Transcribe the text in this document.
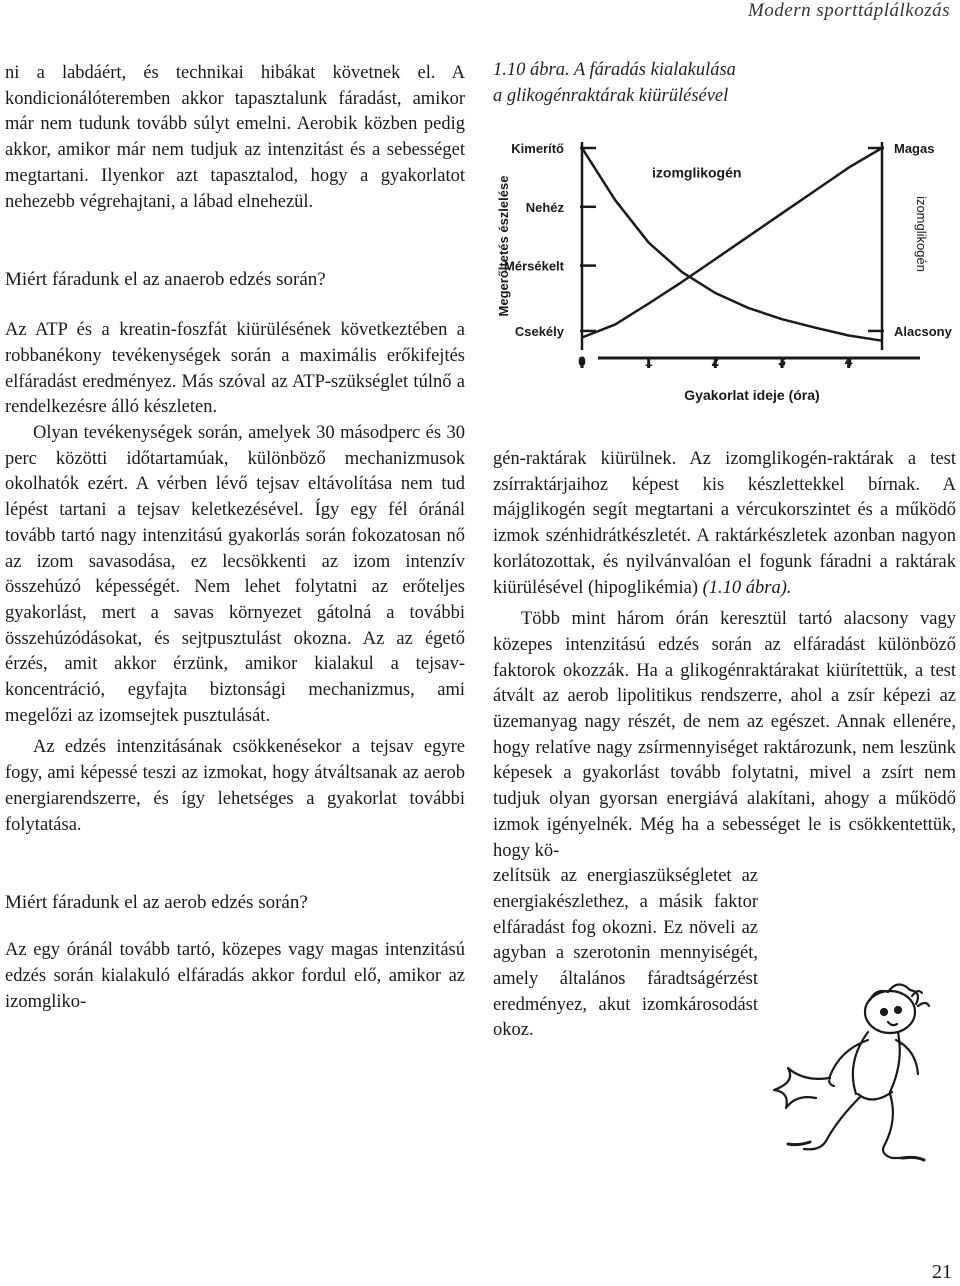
Modern sporttáplálkozás

ni a labdáért, és technikai hibákat követnek el. A kondicionálóteremben akkor tapasztalunk fáradást, amikor már nem tudunk tovább súlyt emelni. Aerobik közben pedig akkor, amikor már nem tudjuk az intenzitást és a sebességet megtartani. Ilyenkor azt tapasztalod, hogy a gyakorlatot nehezebb végrehajtani, a lábad elnehezül.

Miért fáradunk el az anaerob edzés során?

Az ATP és a kreatin-foszfát kiürülésének következtében a robbanékony tevékenységek során a maximális erőkifejtés elfáradást eredményez. Más szóval az ATP-szükséglet túlnő a rendelkezésre álló készleten.

Olyan tevékenységek során, amelyek 30 másodperc és 30 perc közötti időtartamúak, különböző mechanizmusok okolhatók ezért. A vérben lévő tejsav eltávolítása nem tud lépést tartani a tejsav keletkezésével. Így egy fél óránál tovább tartó nagy intenzitású gyakorlás során fokozatosan nő az izom savasodása, ez lecsökkenti az izom intenzív összehúzó képességét. Nem lehet folytatni az erőteljes gyakorlást, mert a savas környezet gátolná a további összehúzódásokat, és sejtpusztulást okozna. Az az égető érzés, amit akkor érzünk, amikor kialakul a tejsav-koncentráció, egyfajta biztonsági mechanizmus, ami megelőzi az izomsejtek pusztulását.

Az edzés intenzitásának csökkenésekor a tejsav egyre fogy, ami képessé teszi az izmokat, hogy átváltsanak az aerob energiarendszerre, és így lehetséges a gyakorlat további folytatása.

Miért fáradunk el az aerob edzés során?

Az egy óránál tovább tartó, közepes vagy magas intenzitású edzés során kialakuló elfáradás akkor fordul elő, amikor az izomgliko-

1.10 ábra. A fáradás kialakulása
a glikogénraktárak kiürülésével
0	1	2	3	4
Csekély
Mérsékelt
Nehéz
Kimerítő
Alacsony
Magas
izomglikogén
Gyakorlat ideje (óra)
Megerőltetés észlelése	izomglikogén

gén-raktárak kiürülnek. Az izomglikogén-raktárak a test zsírraktárjaihoz képest kis készlettekkel bírnak. A májglikogén segít megtartani a vércukorszintet és a működő izmok szénhidrátkészletét. A raktárkészletek azonban nagyon korlátozottak, és nyilvánvalóan el fogunk fáradni a raktárak kiürülésével (hipoglikémia) (1.10 ábra).

Több mint három órán keresztül tartó alacsony vagy közepes intenzitású edzés során az elfáradást különböző faktorok okozzák. Ha a glikogénraktárakat kiürítettük, a test átvált az aerob lipolitikus rendszerre, ahol a zsír képezi az üzemanyag nagy részét, de nem az egészet. Annak ellenére, hogy relatíve nagy zsírmennyiséget raktározunk, nem leszünk képesek a gyakorlást tovább folytatni, mivel a zsírt nem tudjuk olyan gyorsan energiává alakítani, ahogy a működő izmok igényelnék. Még ha a sebességet le is csökkentettük, hogy kö-

zelítsük az energiaszükségletet az energiakészlethez, a másik faktor elfáradást fog okozni. Ez növeli az agyban a szerotonin mennyiségét, amely általános fáradtságérzést eredményez, akut izomkárosodást okoz.

21
